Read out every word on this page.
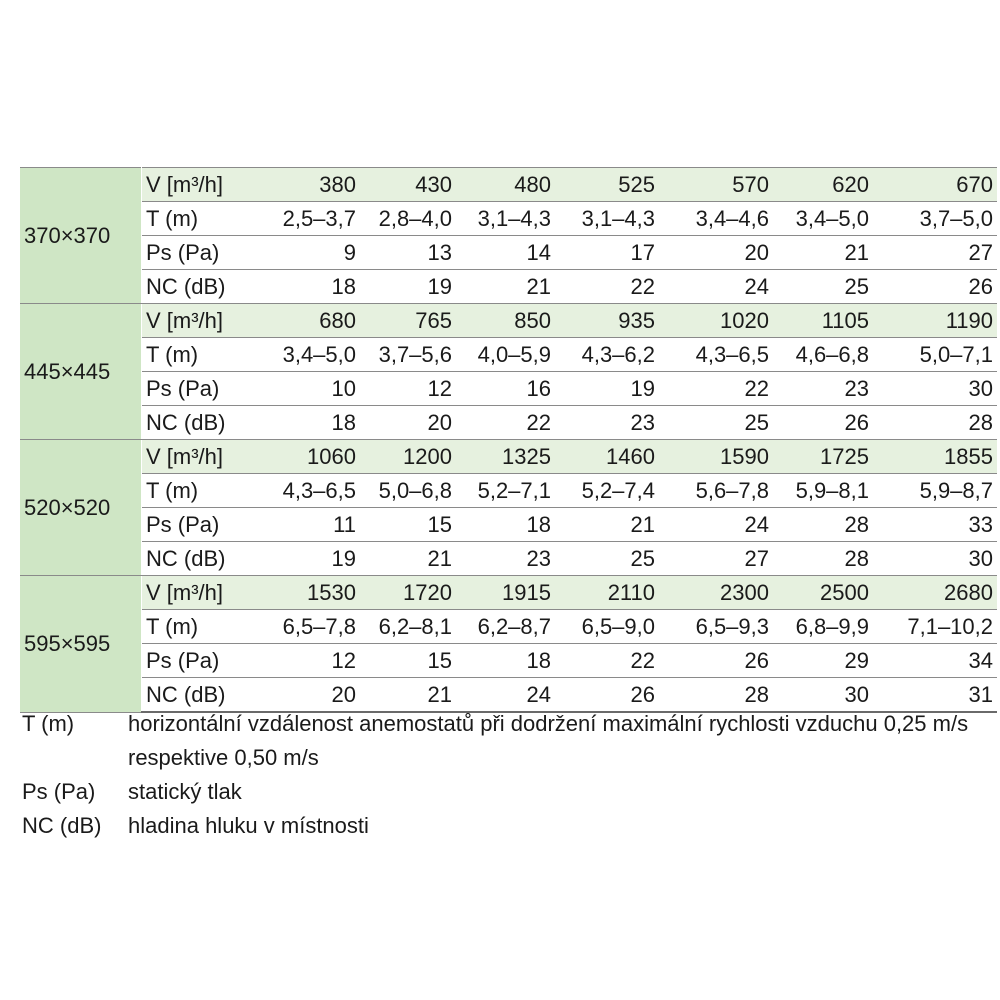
370×370	V [m³/h]	380	430	480	525	570	620	670
	T (m)	2,5–3,7	2,8–4,0	3,1–4,3	3,1–4,3	3,4–4,6	3,4–5,0	3,7–5,0
	Ps (Pa)	9	13	14	17	20	21	27
	NC (dB)	18	19	21	22	24	25	26
445×445	V [m³/h]	680	765	850	935	1020	1105	1190
	T (m)	3,4–5,0	3,7–5,6	4,0–5,9	4,3–6,2	4,3–6,5	4,6–6,8	5,0–7,1
	Ps (Pa)	10	12	16	19	22	23	30
	NC (dB)	18	20	22	23	25	26	28
520×520	V [m³/h]	1060	1200	1325	1460	1590	1725	1855
	T (m)	4,3–6,5	5,0–6,8	5,2–7,1	5,2–7,4	5,6–7,8	5,9–8,1	5,9–8,7
	Ps (Pa)	11	15	18	21	24	28	33
	NC (dB)	19	21	23	25	27	28	30
595×595	V [m³/h]	1530	1720	1915	2110	2300	2500	2680
	T (m)	6,5–7,8	6,2–8,1	6,2–8,7	6,5–9,0	6,5–9,3	6,8–9,9	7,1–10,2
	Ps (Pa)	12	15	18	22	26	29	34
	NC (dB)	20	21	24	26	28	30	31
T (m)	horizontální vzdálenost anemostatů při dodržení maximální rychlosti vzduchu 0,25 m/s respektive 0,50 m/s
Ps (Pa)	statický tlak
NC (dB)	hladina hluku v místnosti
